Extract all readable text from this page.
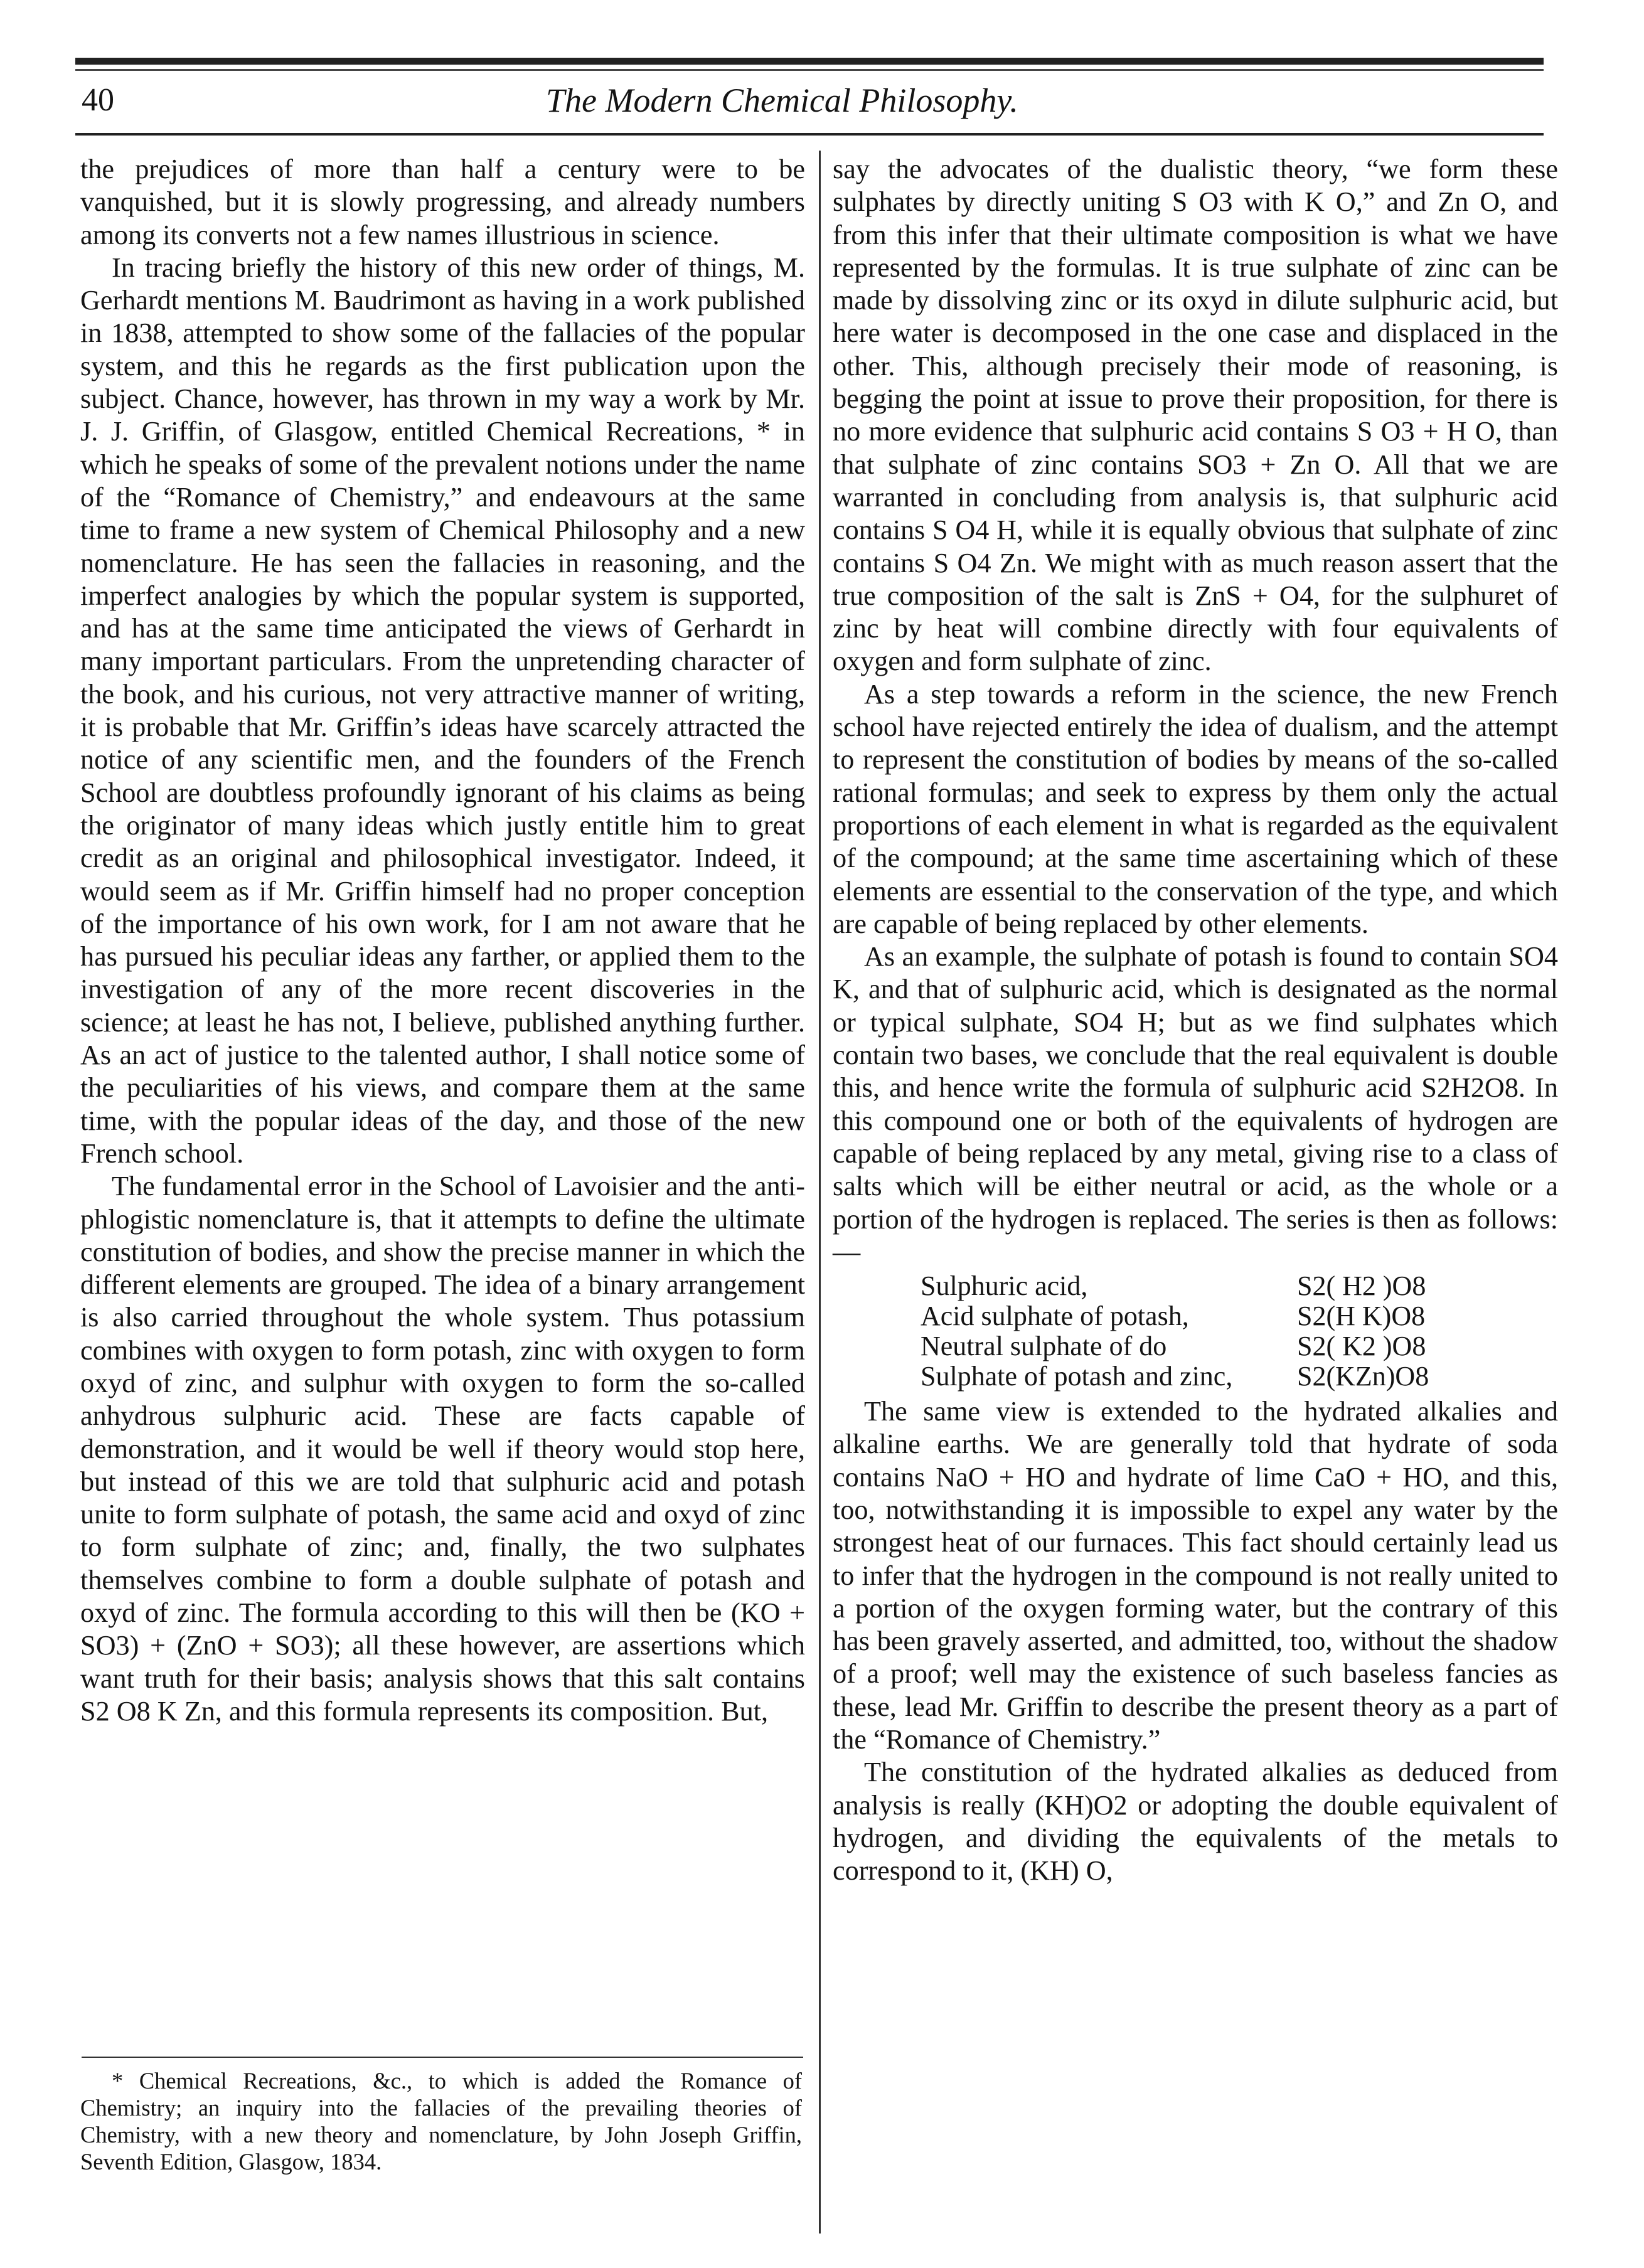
40	The Modern Chemical Philosophy.

the prejudices of more than half a century were to be vanquished, but it is slowly progressing, and already numbers among its converts not a few names illustrious in science.

In tracing briefly the history of this new order of things, M. Gerhardt mentions M. Baudrimont as having in a work published in 1838, attempted to show some of the fallacies of the popular system, and this he regards as the first publication upon the subject. Chance, however, has thrown in my way a work by Mr. J. J. Griffin, of Glasgow, entitled Chemical Recreations, * in which he speaks of some of the prevalent notions under the name of the “Romance of Chemistry,” and endeavours at the same time to frame a new system of Chemical Philosophy and a new nomenclature. He has seen the fallacies in reasoning, and the imperfect analogies by which the popular system is supported, and has at the same time anticipated the views of Gerhardt in many important particulars. From the unpretending character of the book, and his curious, not very attractive manner of writing, it is probable that Mr. Griffin’s ideas have scarcely attracted the notice of any scientific men, and the founders of the French School are doubtless profoundly ignorant of his claims as being the originator of many ideas which justly entitle him to great credit as an original and philosophical investigator. Indeed, it would seem as if Mr. Griffin himself had no proper conception of the importance of his own work, for I am not aware that he has pursued his peculiar ideas any farther, or applied them to the investigation of any of the more recent discoveries in the science; at least he has not, I believe, published anything further. As an act of justice to the talented author, I shall notice some of the peculiarities of his views, and compare them at the same time, with the popular ideas of the day, and those of the new French school.

The fundamental error in the School of Lavoisier and the anti-phlogistic nomenclature is, that it attempts to define the ultimate constitution of bodies, and show the precise manner in which the different elements are grouped. The idea of a binary arrangement is also carried throughout the whole system. Thus potassium combines with oxygen to form potash, zinc with oxygen to form oxyd of zinc, and sulphur with oxygen to form the so-called anhydrous sulphuric acid. These are facts capable of demonstration, and it would be well if theory would stop here, but instead of this we are told that sulphuric acid and potash unite to form sulphate of potash, the same acid and oxyd of zinc to form sulphate of zinc; and, finally, the two sulphates themselves combine to form a double sulphate of potash and oxyd of zinc. The formula according to this will then be (KO + SO3) + (ZnO + SO3); all these however, are assertions which want truth for their basis; analysis shows that this salt contains S2 O8 K Zn, and this formula represents its composition. But,

* Chemical Recreations, &c., to which is added the Romance of Chemistry; an inquiry into the fallacies of the prevailing theories of Chemistry, with a new theory and nomenclature, by John Joseph Griffin, Seventh Edition, Glasgow, 1834.

say the advocates of the dualistic theory, “we form these sulphates by directly uniting S O3 with K O,” and Zn O, and from this infer that their ultimate composition is what we have represented by the formulas. It is true sulphate of zinc can be made by dissolving zinc or its oxyd in dilute sulphuric acid, but here water is decomposed in the one case and displaced in the other. This, although precisely their mode of reasoning, is begging the point at issue to prove their proposition, for there is no more evidence that sulphuric acid contains S O3 + H O, than that sulphate of zinc contains SO3 + Zn O. All that we are warranted in concluding from analysis is, that sulphuric acid contains S O4 H, while it is equally obvious that sulphate of zinc contains S O4 Zn. We might with as much reason assert that the true composition of the salt is ZnS + O4, for the sulphuret of zinc by heat will combine directly with four equivalents of oxygen and form sulphate of zinc.

As a step towards a reform in the science, the new French school have rejected entirely the idea of dualism, and the attempt to represent the constitution of bodies by means of the so-called rational formulas; and seek to express by them only the actual proportions of each element in what is regarded as the equivalent of the compound; at the same time ascertaining which of these elements are essential to the conservation of the type, and which are capable of being replaced by other elements.

As an example, the sulphate of potash is found to contain SO4 K, and that of sulphuric acid, which is designated as the normal or typical sulphate, SO4 H; but as we find sulphates which contain two bases, we conclude that the real equivalent is double this, and hence write the formula of sulphuric acid S2H2O8. In this compound one or both of the equivalents of hydrogen are capable of being replaced by any metal, giving rise to a class of salts which will be either neutral or acid, as the whole or a portion of the hydrogen is replaced. The series is then as follows:—

Sulphuric acid,	S2( H2 )O8
Acid sulphate of potash,	S2(H K)O8
Neutral sulphate of do	S2( K2 )O8
Sulphate of potash and zinc,	S2(KZn)O8

The same view is extended to the hydrated alkalies and alkaline earths. We are generally told that hydrate of soda contains NaO + HO and hydrate of lime CaO + HO, and this, too, notwithstanding it is impossible to expel any water by the strongest heat of our furnaces. This fact should certainly lead us to infer that the hydrogen in the compound is not really united to a portion of the oxygen forming water, but the contrary of this has been gravely asserted, and admitted, too, without the shadow of a proof; well may the existence of such baseless fancies as these, lead Mr. Griffin to describe the present theory as a part of the “Romance of Chemistry.”

The constitution of the hydrated alkalies as deduced from analysis is really (KH)O2 or adopting the double equivalent of hydrogen, and dividing the equivalents of the metals to correspond to it, (KH) O,
